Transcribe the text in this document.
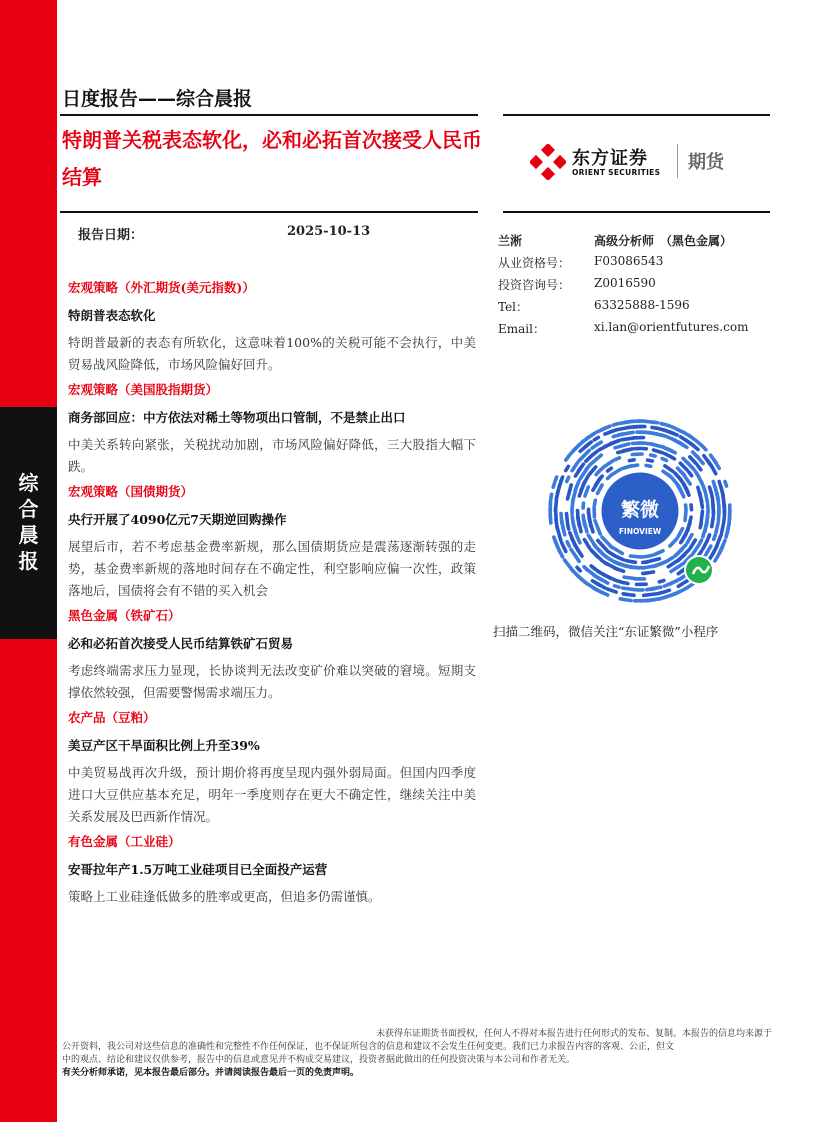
综
合
晨
报
日度报告——综合晨报
特朗普关税表态软化，必和必拓首次接受人民币结算
东方证券
ORIENT SECURITIES 期货
报告日期：	2025-10-13
兰淅	高级分析师　（黑色金属）
从业资格号： F03086543
投资咨询号： Z0016590
Tel：	63325888-1596
Email：	xi.lan@orientfutures.com
繁微
FINOVIEW
扫描二维码，微信关注“东证繁微”小程序
宏观策略（外汇期货(美元指数)）
特朗普表态软化
特朗普最新的表态有所软化，这意味着100%的关税可能不会执行，中美贸易战风险降低，市场风险偏好回升。
宏观策略（美国股指期货）
商务部回应：中方依法对稀土等物项出口管制，不是禁止出口
中美关系转向紧张，关税扰动加剧，市场风险偏好降低，三大股指大幅下跌。
宏观策略（国债期货）
央行开展了4090亿元7天期逆回购操作
展望后市，若不考虑基金费率新规，那么国债期货应是震荡逐渐转强的走势，基金费率新规的落地时间存在不确定性，利空影响应偏一次性，政策落地后，国债将会有不错的买入机会
黑色金属（铁矿石）
必和必拓首次接受人民币结算铁矿石贸易
考虑终端需求压力显现，长协谈判无法改变矿价难以突破的窘境。短期支撑依然较强，但需要警惕需求端压力。
农产品（豆粕）
美豆产区干旱面积比例上升至39%
中美贸易战再次升级，预计期价将再度呈现内强外弱局面。但国内四季度进口大豆供应基本充足，明年一季度则存在更大不确定性，继续关注中美关系发展及巴西新作情况。
有色金属（工业硅）
安哥拉年产1.5万吨工业硅项目已全面投产运营
策略上工业硅逢低做多的胜率或更高，但追多仍需谨慎。
未获得东证期货书面授权，任何人不得对本报告进行任何形式的发布、复制。本报告的信息均来源于
公开资料，我公司对这些信息的准确性和完整性不作任何保证，也不保证所包含的信息和建议不会发生任何变更。我们已力求报告内容的客观、公正，但文
中的观点、结论和建议仅供参考，报告中的信息或意见并不构成交易建议，投资者据此做出的任何投资决策与本公司和作者无关。
有关分析师承诺，见本报告最后部分。并请阅读报告最后一页的免责声明。
